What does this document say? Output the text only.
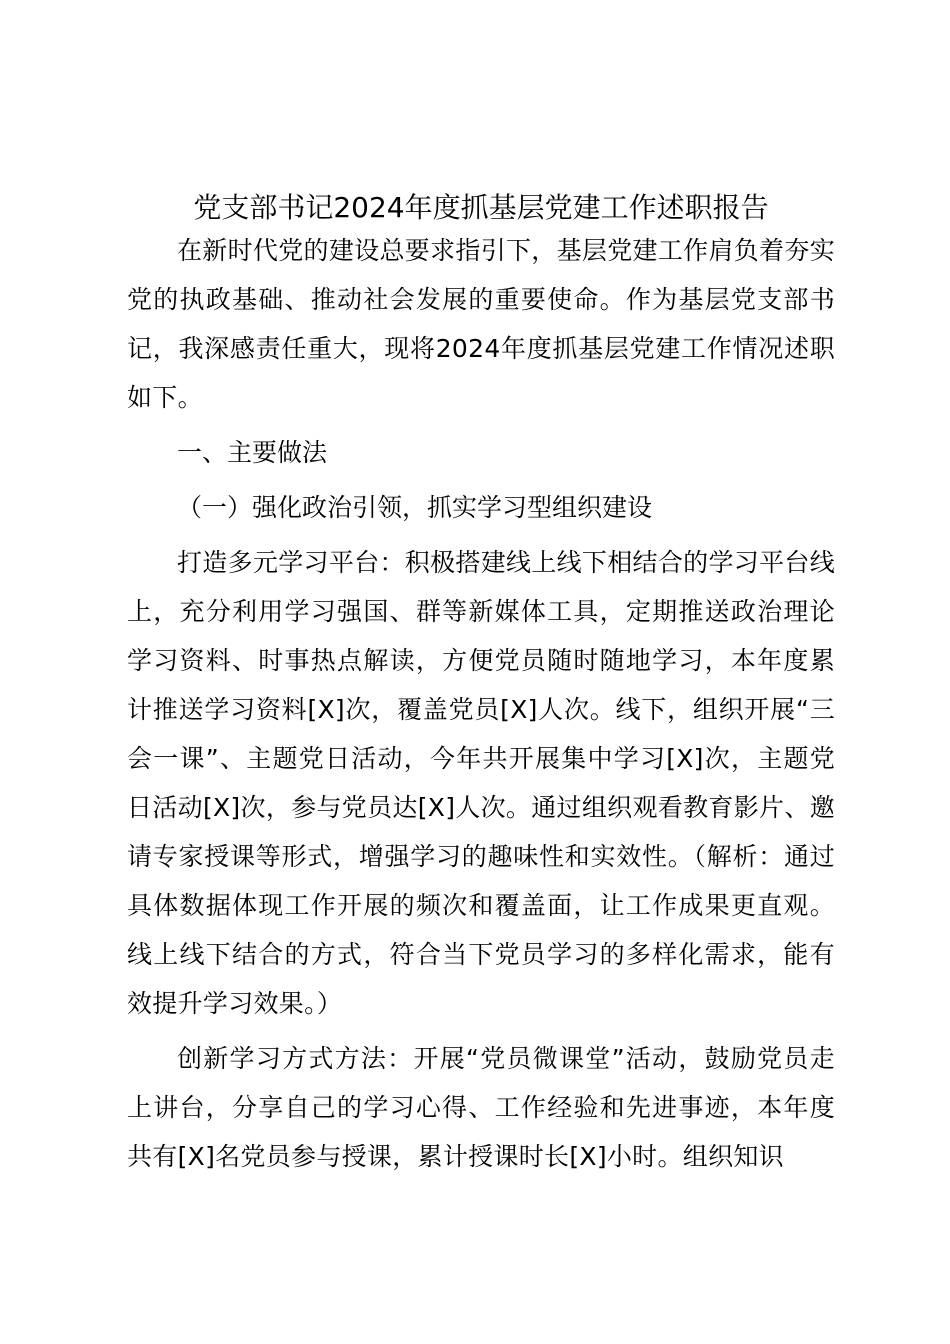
党支部书记2024年度抓基层党建工作述职报告

在新时代党的建设总要求指引下，基层党建工作肩负着夯实党的执政基础、推动社会发展的重要使命。作为基层党支部书记，我深感责任重大，现将2024年度抓基层党建工作情况述职如下。

一、主要做法

（一）强化政治引领，抓实学习型组织建设

打造多元学习平台：积极搭建线上线下相结合的学习平台线上，充分利用学习强国、群等新媒体工具，定期推送政治理论学习资料、时事热点解读，方便党员随时随地学习，本年度累计推送学习资料[X]次，覆盖党员[X]人次。线下，组织开展“三会一课”、主题党日活动，今年共开展集中学习[X]次，主题党日活动[X]次，参与党员达[X]人次。通过组织观看教育影片、邀请专家授课等形式，增强学习的趣味性和实效性。（解析：通过具体数据体现工作开展的频次和覆盖面，让工作成果更直观。线上线下结合的方式，符合当下党员学习的多样化需求，能有效提升学习效果。）

创新学习方式方法：开展“党员微课堂”活动，鼓励党员走上讲台，分享自己的学习心得、工作经验和先进事迹，本年度共有[X]名党员参与授课，累计授课时长[X]小时。组织知识
